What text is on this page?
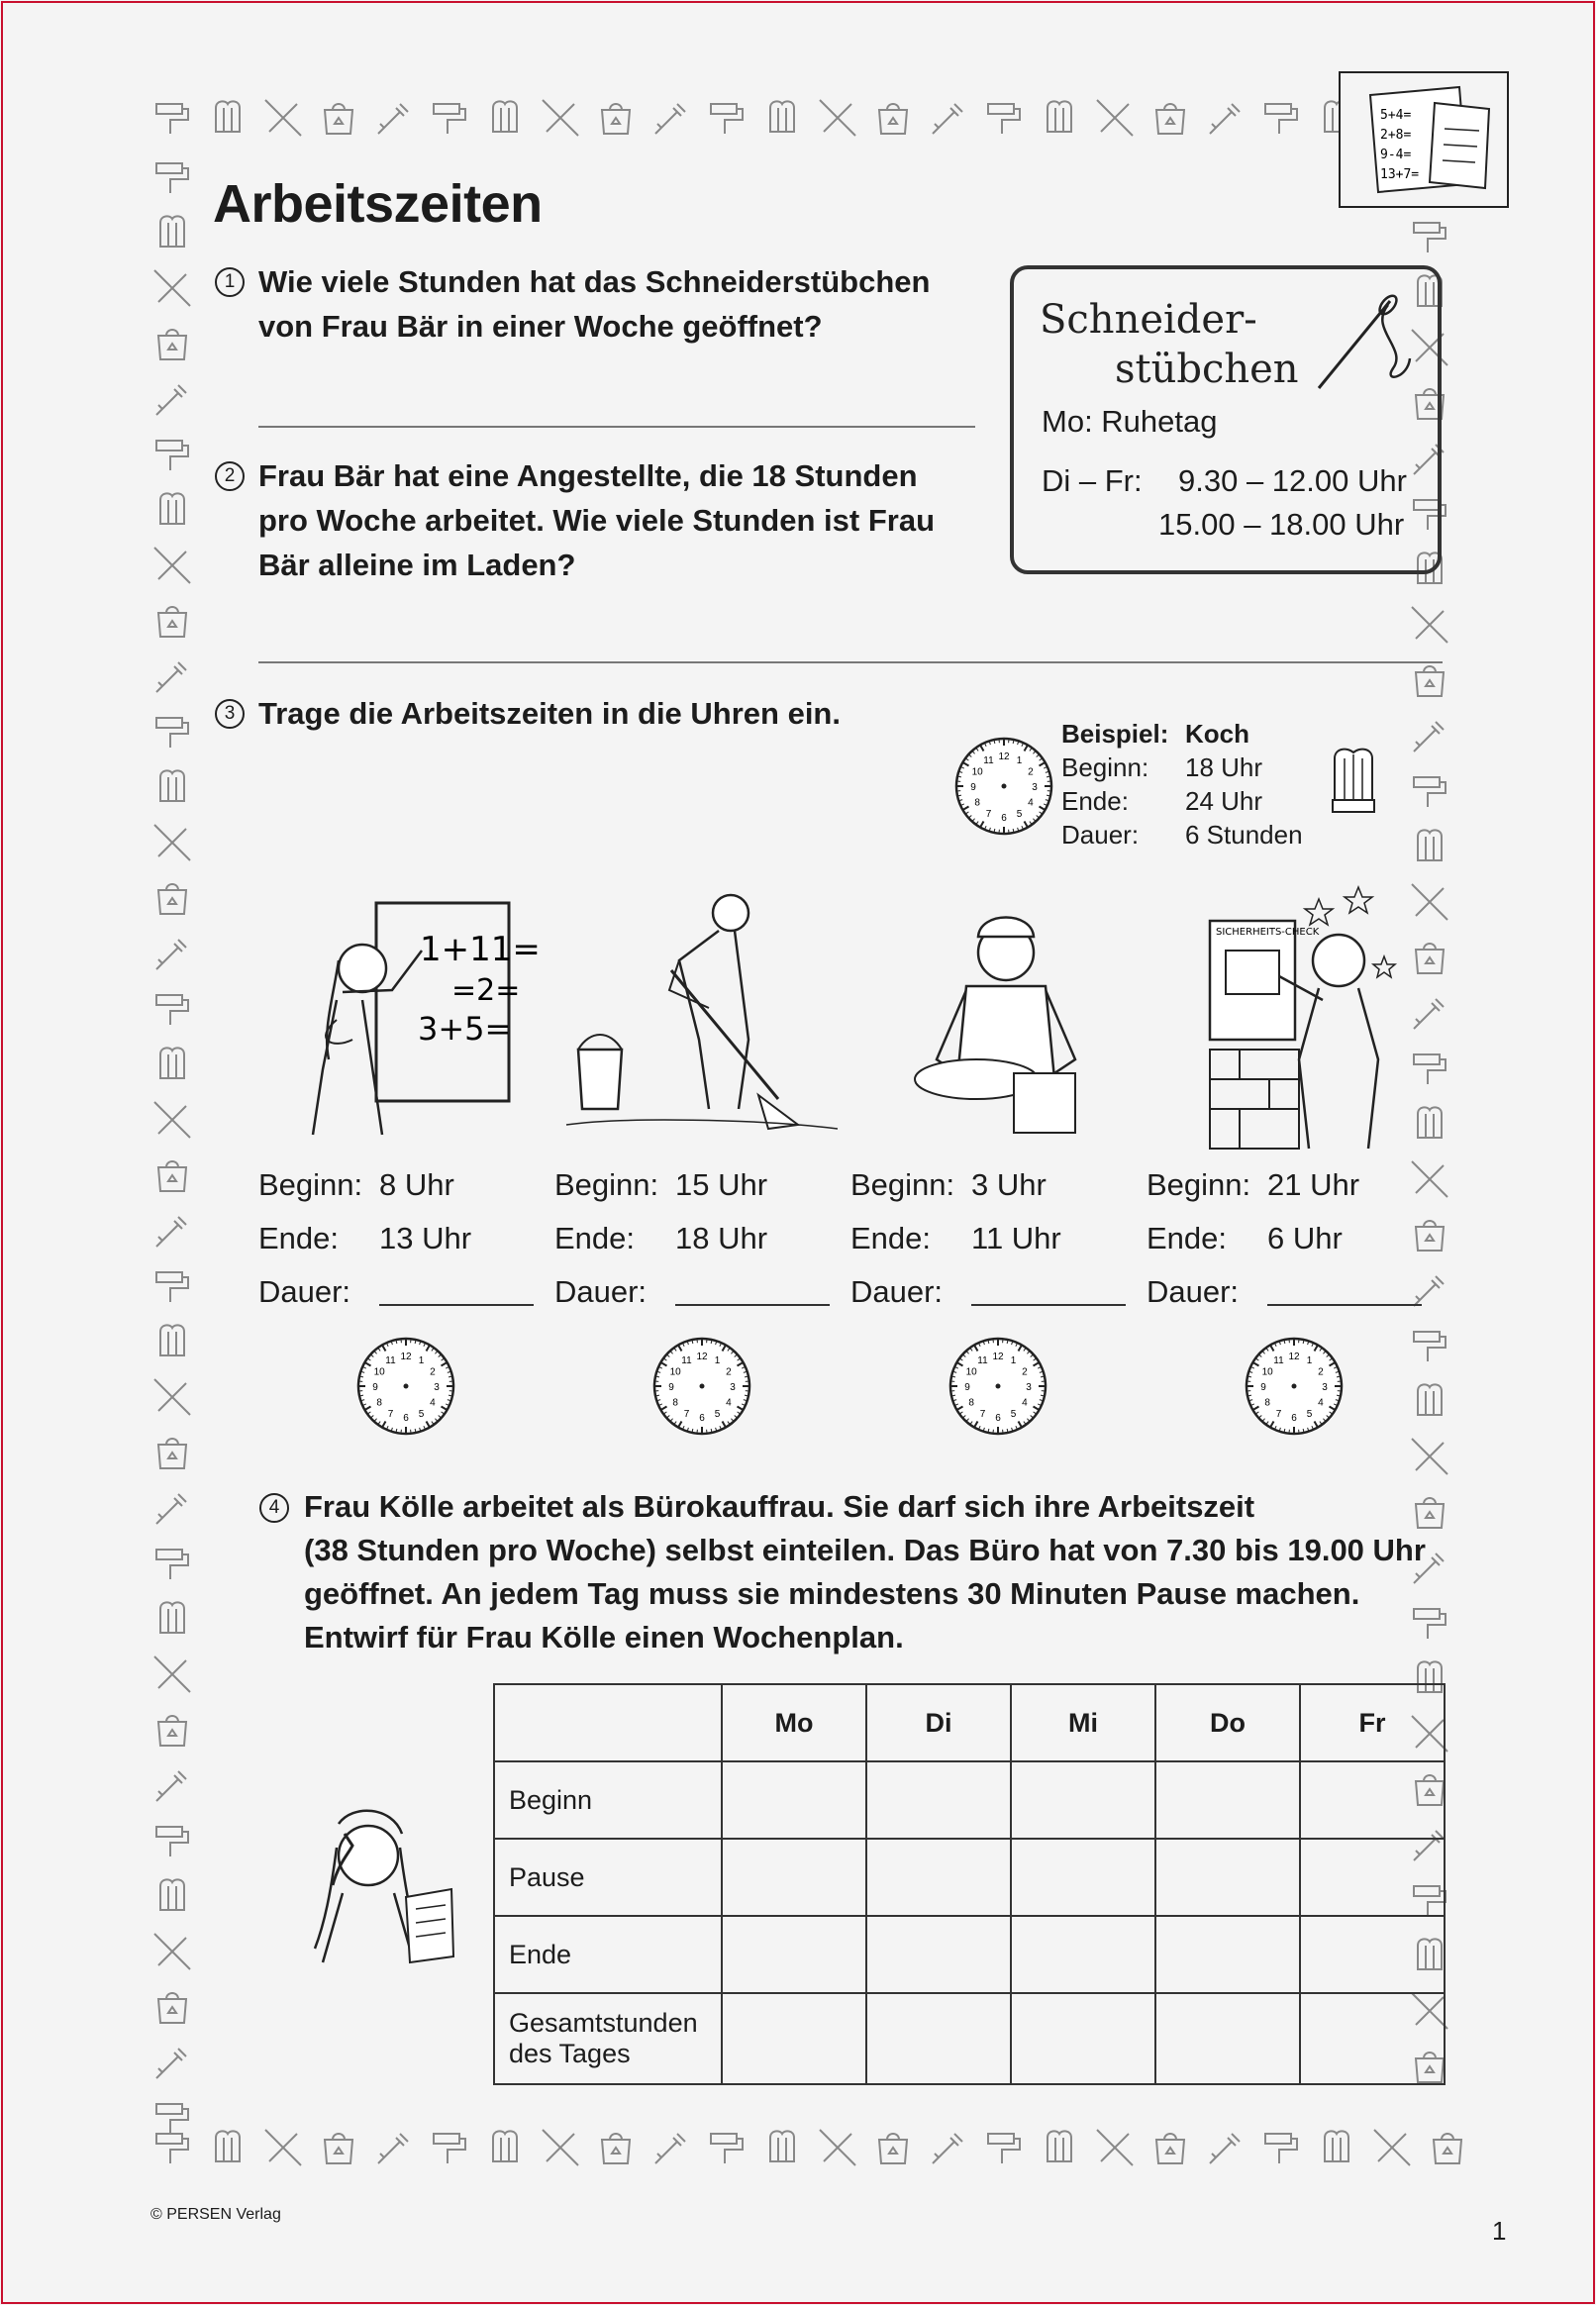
5+4=
2+8=
9-4=
13+7=
Arbeitszeiten
1 Wie viele Stunden hat das Schneiderstübchen
von Frau Bär in einer Woche geöffnet?	Schneider-
stübchen
Mo: Ruhetag
Di – Fr: 9.30 – 12.00 Uhr
15.00 – 18.00 Uhr
2 Frau Bär hat eine Angestellte, die 18 Stunden
pro Woche arbeitet. Wie viele Stunden ist Frau
Bär alleine im Laden?
3 Trage die Arbeitszeiten in die Uhren ein.
12 1
2
3
4
5
6
7
8
9
10
11
Beispiel: Koch
Beginn:	18 Uhr
Ende:	24 Uhr
Dauer:	6 Stunden
1+11=
=2=
3+5=
SICHERHEITS-CHECK
Beginn: 8 Uhr
Ende:	13 Uhr
Dauer:
Beginn: 15 Uhr
Ende:	18 Uhr
Dauer:
Beginn: 3 Uhr
Ende:	11 Uhr
Dauer:
Beginn: 21 Uhr
Ende:	6 Uhr
Dauer:
12 1
2
3
4
5
6
7
8
9
10
11	12 1
2
3
4
5
6
7
8
9
10
11	12 1
2
3
4
5
6
7
8
9
10
11	12 1
2
3
4
5
6
7
8
9
10
11
4 Frau Kölle arbeitet als Bürokauffrau. Sie darf sich ihre Arbeitszeit
(38 Stunden pro Woche) selbst einteilen. Das Büro hat von 7.30 bis 19.00 Uhr
geöffnet. An jedem Tag muss sie mindestens 30 Minuten Pause machen.
Entwirf für Frau Kölle einen Wochenplan.
	Mo	Di	Mi	Do	Fr
Beginn					
Pause					
Ende					

Gesamtstunden
des Tages					

© PERSEN Verlag
1
